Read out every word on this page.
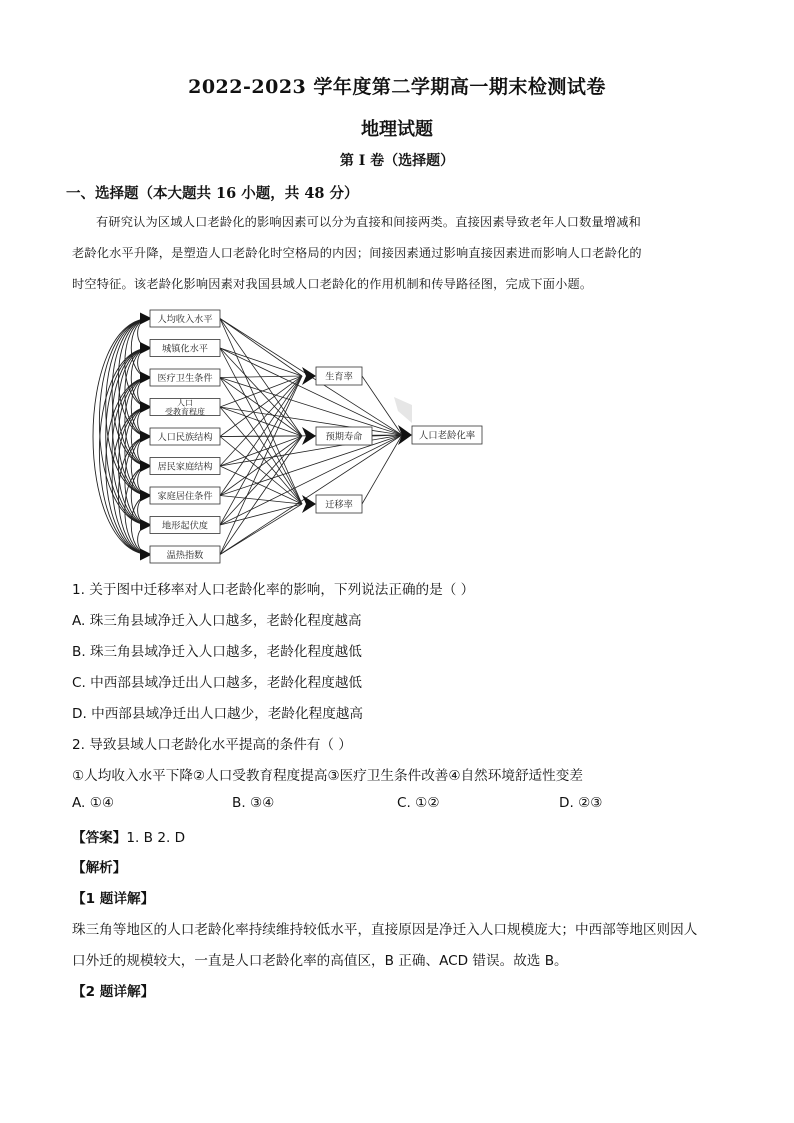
2022-2023 学年度第二学期高一期末检测试卷
地理试题
第 I 卷（选择题）
一、选择题（本大题共 16 小题，共 48 分）

有研究认为区域人口老龄化的影响因素可以分为直接和间接两类。直接因素导致老年人口数量增减和

老龄化水平升降，是塑造人口老龄化时空格局的内因；间接因素通过影响直接因素进而影响人口老龄化的

时空特征。该老龄化影响因素对我国县域人口老龄化的作用机制和传导路径图，完成下面小题。

人均收入水平
城镇化水平
医疗卫生条件
人口
受教育程度
人口民族结构
居民家庭结构
家庭居住条件
地形起伏度
温热指数
生育率
预期寿命
迁移率
人口老龄化率
1. 关于图中迁移率对人口老龄化率的影响，下列说法正确的是（ ）
A. 珠三角县域净迁入人口越多，老龄化程度越高
B. 珠三角县域净迁入人口越多，老龄化程度越低
C. 中西部县域净迁出人口越多，老龄化程度越低
D. 中西部县域净迁出人口越少，老龄化程度越高
2. 导致县域人口老龄化水平提高的条件有（ ）
①人均收入水平下降②人口受教育程度提高③医疗卫生条件改善④自然环境舒适性变差
A. ①④	B. ③④	C. ①②	D. ②③
【答案】1. B 2. D

【解析】

【1 题详解】

珠三角等地区的人口老龄化率持续维持较低水平，直接原因是净迁入人口规模庞大；中西部等地区则因人

口外迁的规模较大，一直是人口老龄化率的高值区，B 正确、ACD 错误。故选 B。

【2 题详解】
